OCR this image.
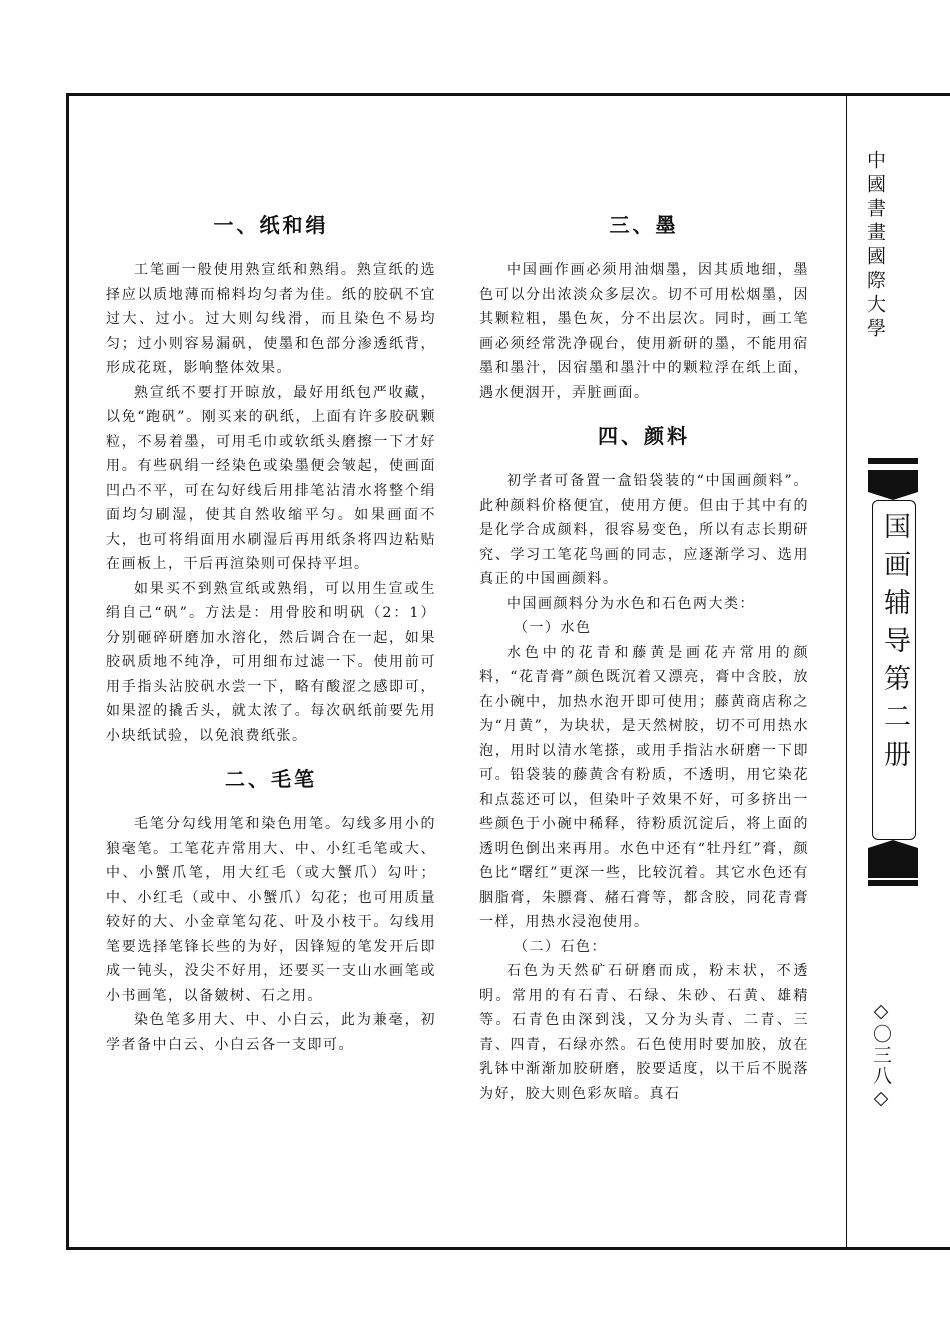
一、纸和绢

工笔画一般使用熟宣纸和熟绢。熟宣纸的选择应以质地薄而棉料均匀者为佳。纸的胶矾不宜过大、过小。过大则勾线滑，而且染色不易均匀；过小则容易漏矾，使墨和色部分渗透纸背，形成花斑，影响整体效果。

熟宣纸不要打开晾放，最好用纸包严收藏，以免“跑矾”。刚买来的矾纸，上面有许多胶矾颗粒，不易着墨，可用毛巾或软纸头磨擦一下才好用。有些矾绢一经染色或染墨便会皱起，使画面凹凸不平，可在勾好线后用排笔沾清水将整个绢面均匀刷湿，使其自然收缩平匀。如果画面不大，也可将绢面用水刷湿后再用纸条将四边粘贴在画板上，干后再渲染则可保持平坦。

如果买不到熟宣纸或熟绢，可以用生宣或生绢自己“矾”。方法是：用骨胶和明矾（2：1）分别砸碎研磨加水溶化，然后调合在一起，如果胶矾质地不纯净，可用细布过滤一下。使用前可用手指头沾胶矾水尝一下，略有酸涩之感即可，如果涩的撬舌头，就太浓了。每次矾纸前要先用小块纸试验，以免浪费纸张。

二、毛笔

毛笔分勾线用笔和染色用笔。勾线多用小的狼毫笔。工笔花卉常用大、中、小红毛笔或大、中、小蟹爪笔，用大红毛（或大蟹爪）勾叶；中、小红毛（或中、小蟹爪）勾花；也可用质量较好的大、小金章笔勾花、叶及小枝干。勾线用笔要选择笔锋长些的为好，因锋短的笔发开后即成一钝头，没尖不好用，还要买一支山水画笔或小书画笔，以备皴树、石之用。

染色笔多用大、中、小白云，此为兼毫，初学者备中白云、小白云各一支即可。

三、墨

中国画作画必须用油烟墨，因其质地细，墨色可以分出浓淡众多层次。切不可用松烟墨，因其颗粒粗，墨色灰，分不出层次。同时，画工笔画必须经常洗净砚台，使用新研的墨，不能用宿墨和墨汁，因宿墨和墨汁中的颗粒浮在纸上面，遇水便洇开，弄脏画面。

四、颜料

初学者可备置一盒铅袋装的“中国画颜料”。此种颜料价格便宜，使用方便。但由于其中有的是化学合成颜料，很容易变色，所以有志长期研究、学习工笔花鸟画的同志，应逐渐学习、选用真正的中国画颜料。

中国画颜料分为水色和石色两大类：

（一）水色

水色中的花青和藤黄是画花卉常用的颜料，“花青膏”颜色既沉着又漂亮，膏中含胶，放在小碗中，加热水泡开即可使用；藤黄商店称之为“月黄”，为块状，是天然树胶，切不可用热水泡，用时以清水笔搽，或用手指沾水研磨一下即可。铅袋装的藤黄含有粉质，不透明，用它染花和点蕊还可以，但染叶子效果不好，可多挤出一些颜色于小碗中稀释，待粉质沉淀后，将上面的透明色倒出来再用。水色中还有“牡丹红”膏，颜色比“曙红”更深一些，比较沉着。其它水色还有胭脂膏，朱膘膏、赭石膏等，都含胶，同花青膏一样，用热水浸泡使用。

（二）石色：

石色为天然矿石研磨而成，粉末状，不透明。常用的有石青、石绿、朱砂、石黄、雄精等。石青色由深到浅，又分为头青、二青、三青、四青，石绿亦然。石色使用时要加胶，放在乳钵中渐渐加胶研磨，胶要适度，以干后不脱落为好，胶大则色彩灰暗。真石

中國書畫國際大學
国画辅导第二册
◇〇三八◇
